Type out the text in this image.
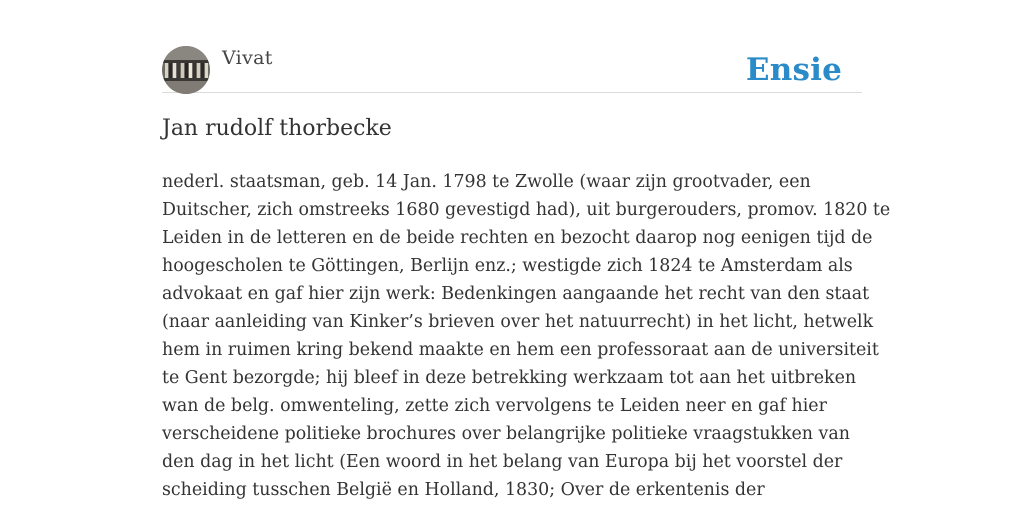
Vivat	Ensie
Jan rudolf thorbecke
nederl. staatsman, geb. 14 Jan. 1798 te Zwolle (waar zijn grootvader, een
Duitscher, zich omstreeks 1680 gevestigd had), uit burgerouders, promov. 1820 te
Leiden in de letteren en de beide rechten en bezocht daarop nog eenigen tijd de
hoogescholen te Göttingen, Berlijn enz.; westigde zich 1824 te Amsterdam als
advokaat en gaf hier zijn werk: Bedenkingen aangaande het recht van den staat
(naar aanleiding van Kinker’s brieven over het natuurrecht) in het licht, hetwelk
hem in ruimen kring bekend maakte en hem een professoraat aan de universiteit
te Gent bezorgde; hij bleef in deze betrekking werkzaam tot aan het uitbreken
wan de belg. omwenteling, zette zich vervolgens te Leiden neer en gaf hier
verscheidene politieke brochures over belangrijke politieke vraagstukken van
den dag in het licht (Een woord in het belang van Europa bij het voorstel der
scheiding tusschen België en Holland, 1830; Over de erkentenis der
